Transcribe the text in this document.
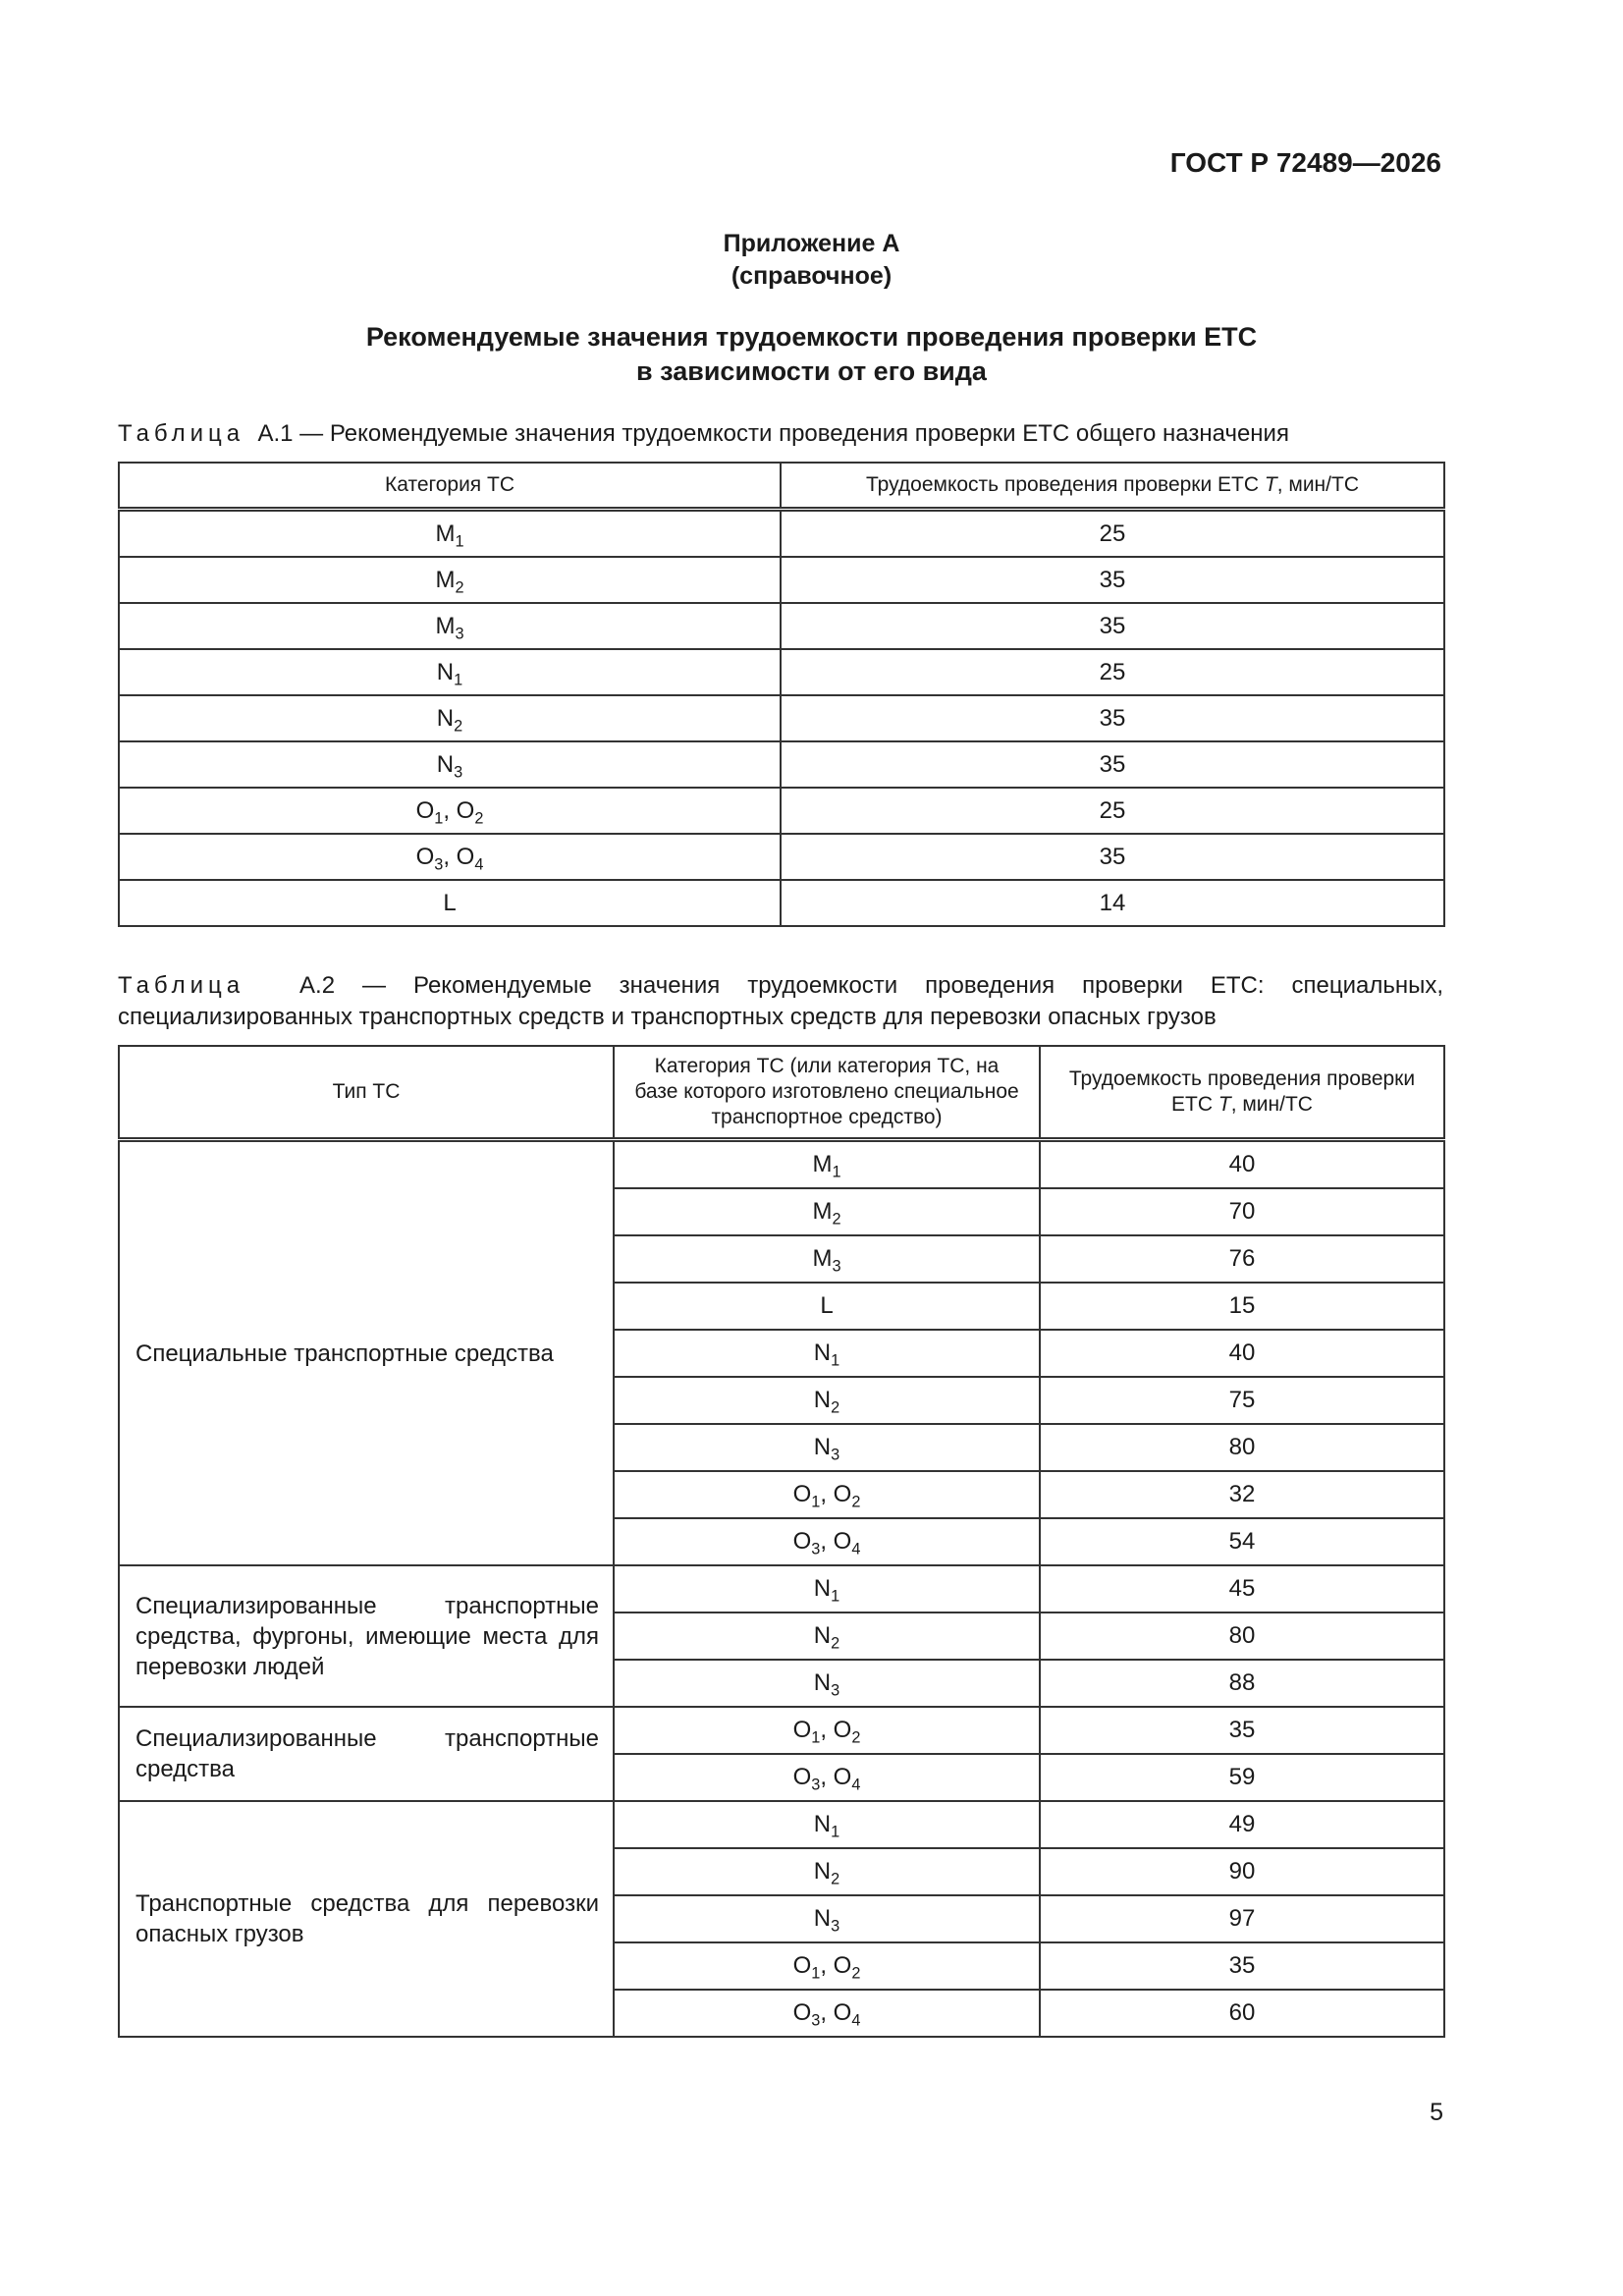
ГОСТ Р 72489—2026
Приложение А
(справочное)
Рекомендуемые значения трудоемкости проведения проверки ЕТС
в зависимости от его вида
Таблица А.1 — Рекомендуемые значения трудоемкости проведения проверки ЕТС общего назначения
Категория ТС	Трудоемкость проведения проверки ЕТС T, мин/ТС
$M_1$	25
$M_2$	35
$M_3$	35
$N_1$	25
$N_2$	35
$N_3$	35
$O_1$, $O_2$	25
$O_3$, $O_4$	35
L	14
Таблица А.2 — Рекомендуемые значения трудоемкости проведения проверки ЕТС: специальных, специализированных транспортных средств и транспортных средств для перевозки опасных грузов
Тип ТС	Категория ТС (или категория ТС, на базе которого изготовлено специальное транспортное средство)	Трудоемкость проведения проверки ЕТС T, мин/ТС
Специальные транспортные средства	$M_1$	40
	$M_2$	70
	$M_3$	76
	L	15
	$N_1$	40
	$N_2$	75
	$N_3$	80
	$O_1$, $O_2$	32
	$O_3$, $O_4$	54
Специализированные транспортные средства, фургоны, имеющие места для перевозки людей	$N_1$	45
	$N_2$	80
	$N_3$	88
Специализированные транспортные средства	$O_1$, $O_2$	35
	$O_3$, $O_4$	59
Транспортные средства для перевозки опасных грузов	$N_1$	49
	$N_2$	90
	$N_3$	97
	$O_1$, $O_2$	35
	$O_3$, $O_4$	60
5
